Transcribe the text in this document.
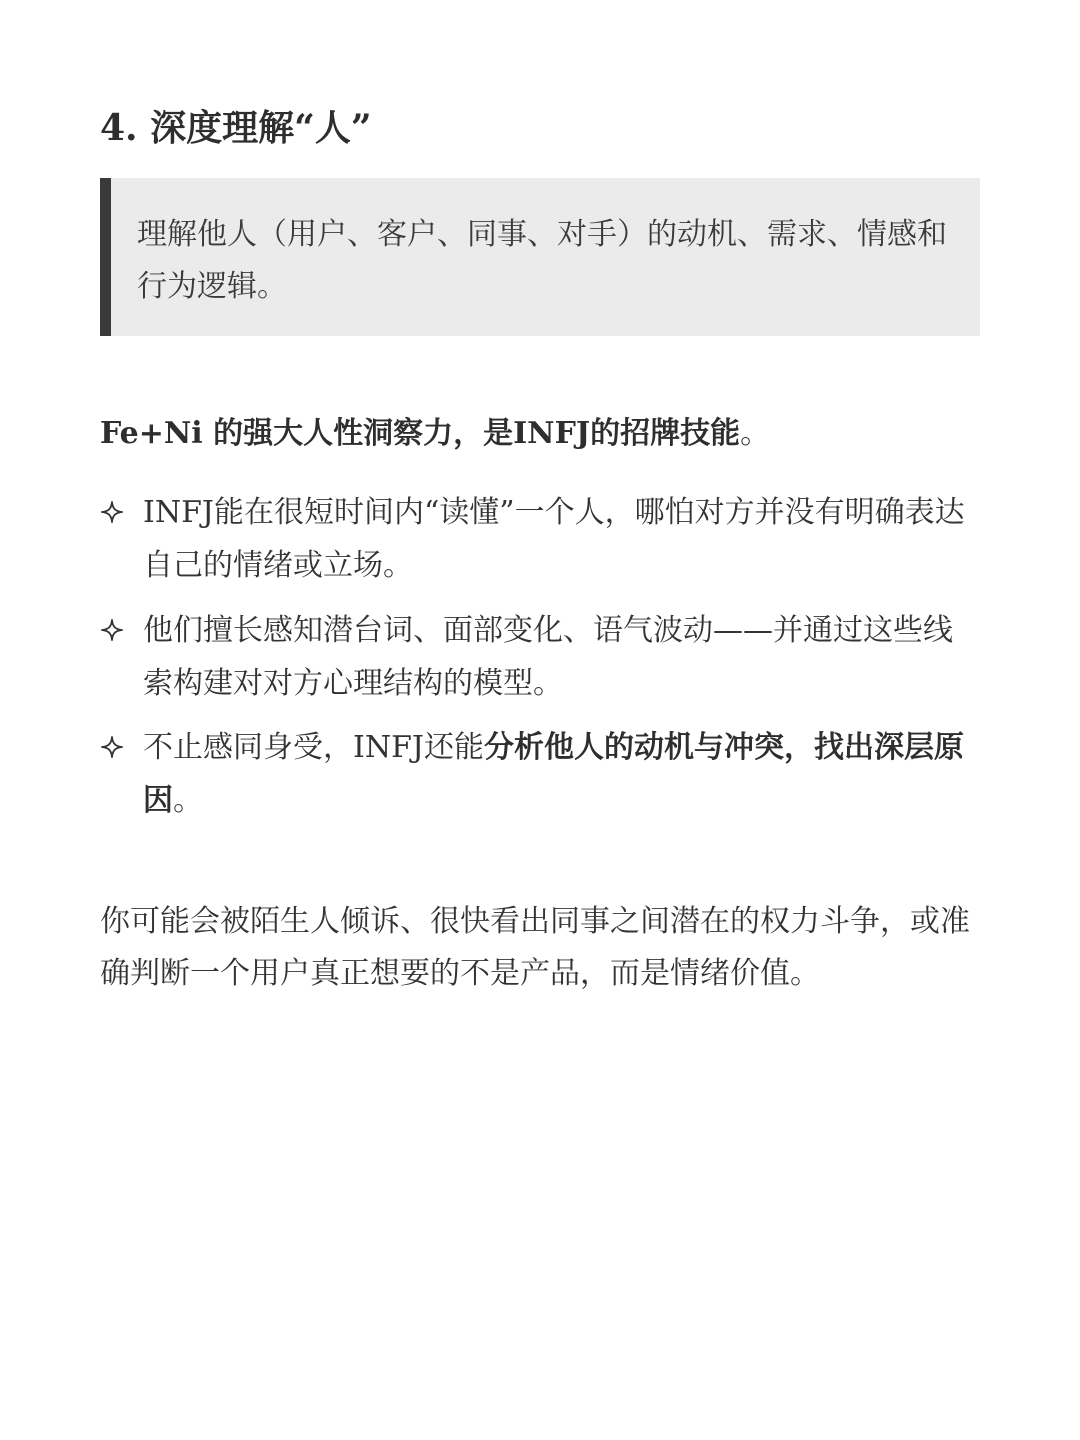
4. 深度理解“人”
理解他人（用户、客户、同事、对手）的动机、需求、情感和行为逻辑。
Fe+Ni 的强大人性洞察力，是INFJ的招牌技能。
INFJ能在很短时间内“读懂”一个人，哪怕对方并没有明确表达自己的情绪或立场。
他们擅长感知潜台词、面部变化、语气波动——并通过这些线索构建对对方心理结构的模型。
不止感同身受，INFJ还能分析他人的动机与冲突，找出深层原因。
你可能会被陌生人倾诉、很快看出同事之间潜在的权力斗争，或准确判断一个用户真正想要的不是产品，而是情绪价值。
